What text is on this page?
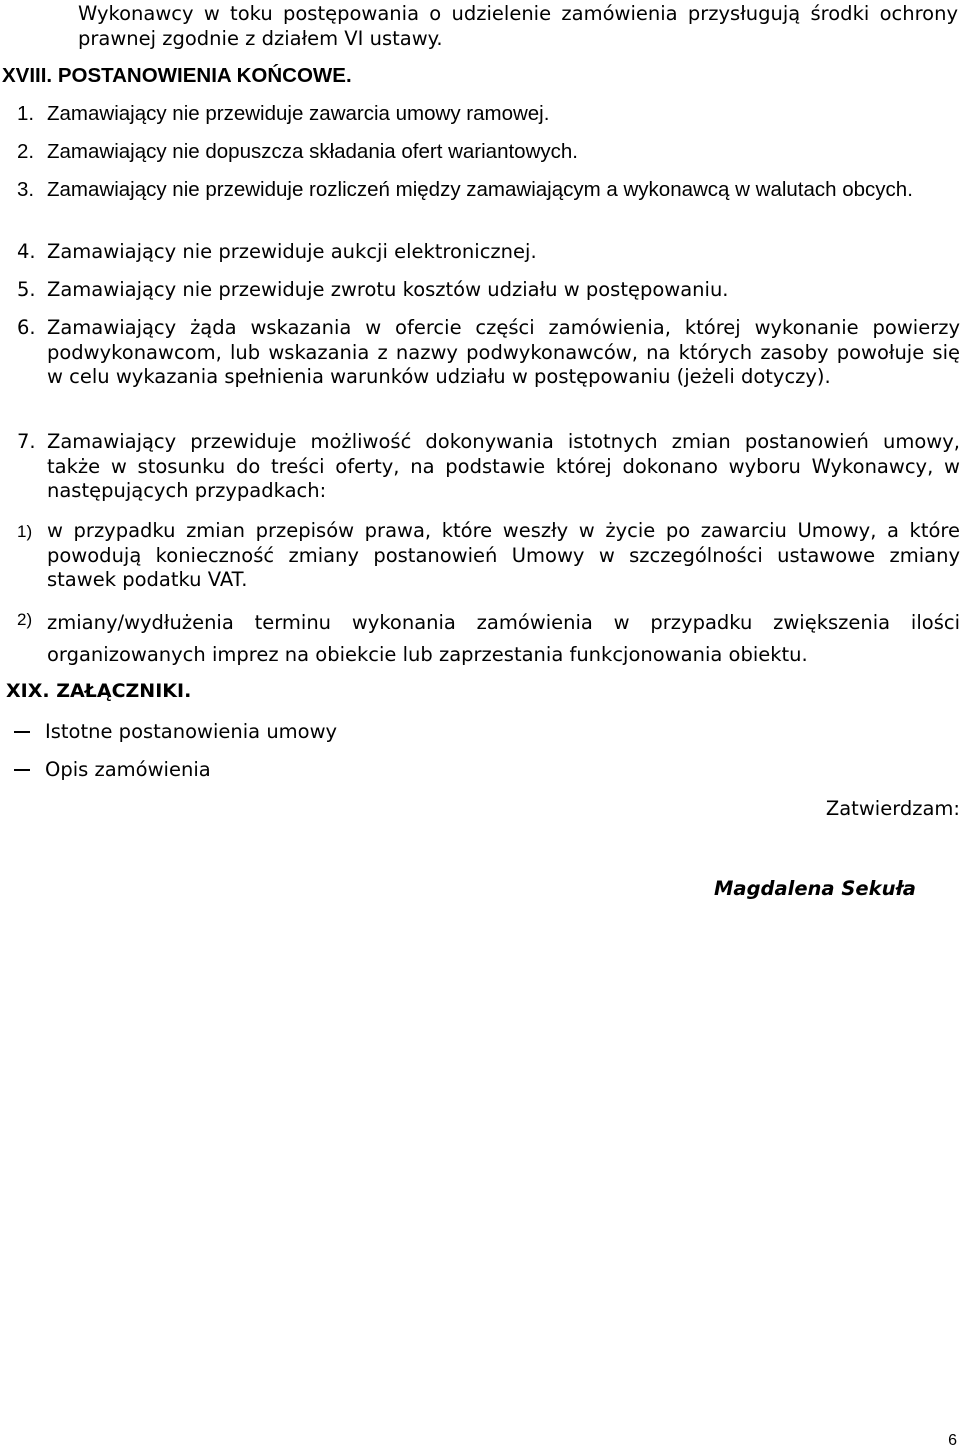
Wykonawcy w toku postępowania o udzielenie zamówienia przysługują środki ochrony prawnej zgodnie z działem VI ustawy.
XVIII. POSTANOWIENIA KOŃCOWE.
1. Zamawiający nie przewiduje zawarcia umowy ramowej.
2. Zamawiający nie dopuszcza składania ofert wariantowych.
3. Zamawiający nie przewiduje rozliczeń między zamawiającym a wykonawcą w walutach obcych.
4. Zamawiający nie przewiduje aukcji elektronicznej.
5. Zamawiający nie przewiduje zwrotu kosztów udziału w postępowaniu.
6. Zamawiający żąda wskazania w ofercie części zamówienia, której wykonanie powierzy podwykonawcom, lub wskazania z nazwy podwykonawców, na których zasoby powołuje się w celu wykazania spełnienia warunków udziału w postępowaniu (jeżeli dotyczy).
7. Zamawiający przewiduje możliwość dokonywania istotnych zmian postanowień umowy, także w stosunku do treści oferty, na podstawie której dokonano wyboru Wykonawcy, w następujących przypadkach:
1) w przypadku zmian przepisów prawa, które weszły w życie po zawarciu Umowy, a które powodują konieczność zmiany postanowień Umowy w szczególności ustawowe zmiany stawek podatku VAT.
2) zmiany/wydłużenia terminu wykonania zamówienia w przypadku zwiększenia ilości organizowanych imprez na obiekcie lub zaprzestania funkcjonowania obiektu.
XIX. ZAŁĄCZNIKI.
Istotne postanowienia umowy
Opis zamówienia
Zatwierdzam:
Magdalena Sekuła
6
